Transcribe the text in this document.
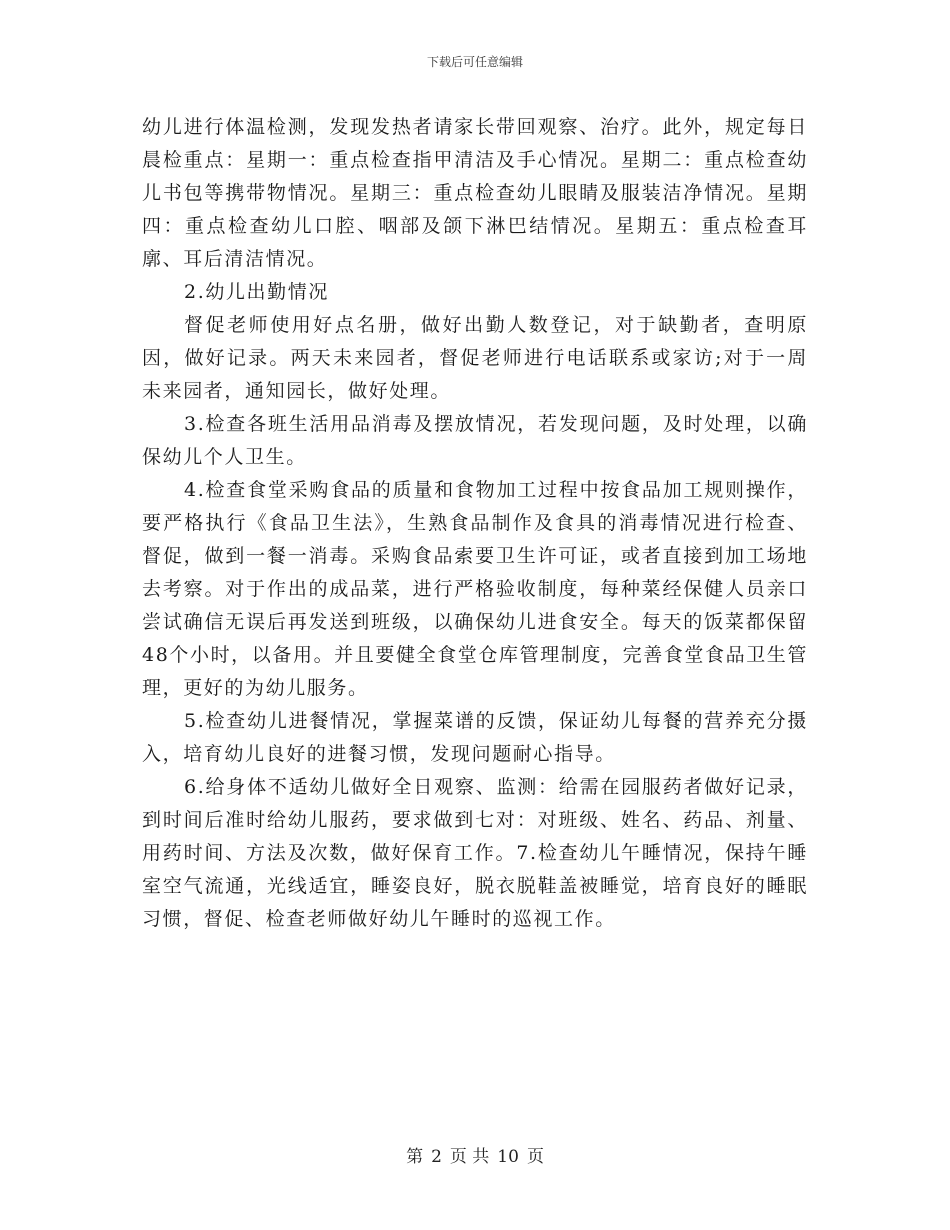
下载后可任意编辑

幼儿进行体温检测，发现发热者请家长带回观察、治疗。此外，规定每日晨检重点：星期一：重点检查指甲清洁及手心情况。星期二：重点检查幼儿书包等携带物情况。星期三：重点检查幼儿眼睛及服装洁净情况。星期四：重点检查幼儿口腔、咽部及颌下淋巴结情况。星期五：重点检查耳廓、耳后清洁情况。

2.幼儿出勤情况

督促老师使用好点名册，做好出勤人数登记，对于缺勤者，查明原因，做好记录。两天未来园者，督促老师进行电话联系或家访;对于一周未来园者，通知园长，做好处理。

3.检查各班生活用品消毒及摆放情况，若发现问题，及时处理，以确保幼儿个人卫生。

4.检查食堂采购食品的质量和食物加工过程中按食品加工规则操作，要严格执行《食品卫生法》，生熟食品制作及食具的消毒情况进行检查、督促，做到一餐一消毒。采购食品索要卫生许可证，或者直接到加工场地去考察。对于作出的成品菜，进行严格验收制度，每种菜经保健人员亲口尝试确信无误后再发送到班级，以确保幼儿进食安全。每天的饭菜都保留48个小时，以备用。并且要健全食堂仓库管理制度，完善食堂食品卫生管理，更好的为幼儿服务。

5.检查幼儿进餐情况，掌握菜谱的反馈，保证幼儿每餐的营养充分摄入，培育幼儿良好的进餐习惯，发现问题耐心指导。

6.给身体不适幼儿做好全日观察、监测：给需在园服药者做好记录，到时间后准时给幼儿服药，要求做到七对：对班级、姓名、药品、剂量、用药时间、方法及次数，做好保育工作。7.检查幼儿午睡情况，保持午睡室空气流通，光线适宜，睡姿良好，脱衣脱鞋盖被睡觉，培育良好的睡眠习惯，督促、检查老师做好幼儿午睡时的巡视工作。

第 2 页 共 10 页
